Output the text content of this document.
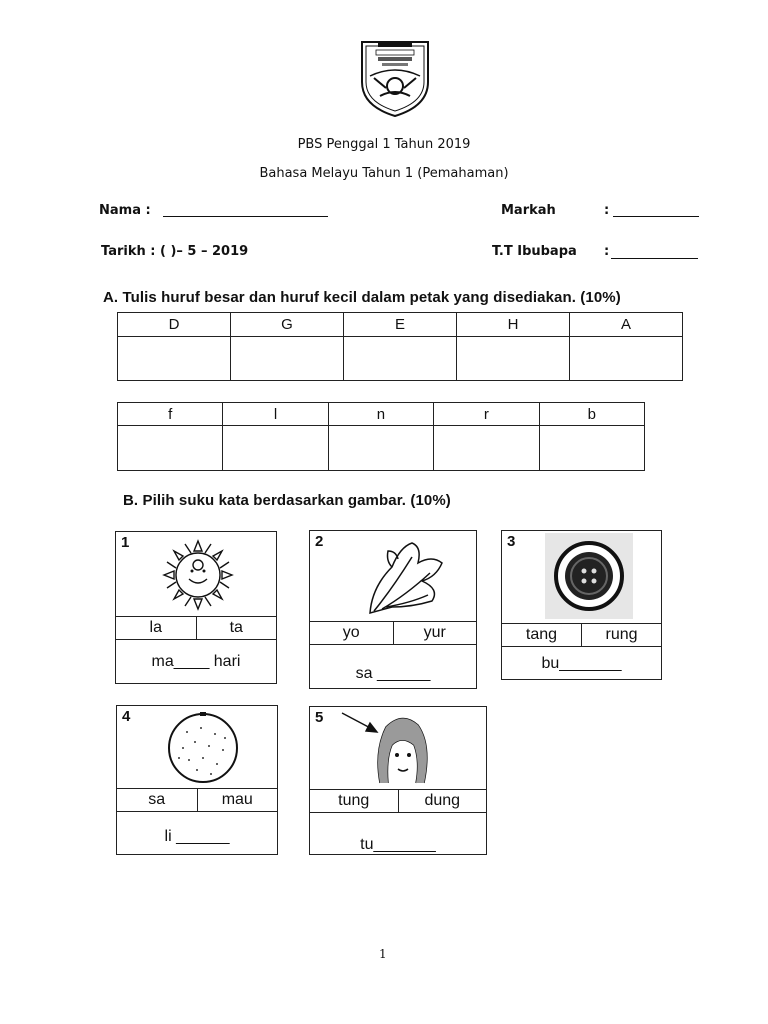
PBS Penggal 1 Tahun 2019
Bahasa Melayu Tahun 1 (Pemahaman)
Nama :	Markah	:
Tarikh : ( )– 5 – 2019	T.T Ibubapa :
A. Tulis huruf besar dan huruf kecil dalam petak yang disediakan. (10%)
D	G	E	H	A

f	l	n	r	b

B. Pilih suku kata berdasarkan gambar. (10%)
1
la	ta
ma____ hari
2
yo	yur
sa ______
3
tang	rung
bu_______
4
sa	mau
li ______
5
tung	dung
tu_______
1
